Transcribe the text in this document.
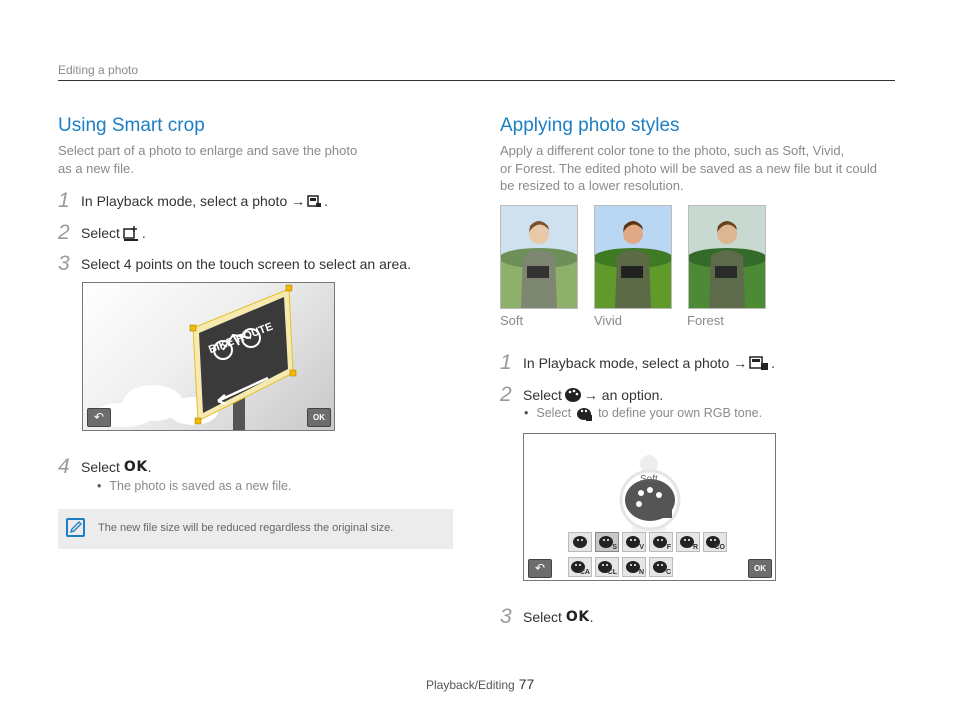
Editing a photo
Using Smart crop
Select part of a photo to enlarge and save the photo
as a new file.
1 In Playback mode, select a photo → .
2 Select .
3 Select 4 points on the touch screen to select an area.
BIKE ROUTE
↶	OK
4 Select OK .
• The photo is saved as a new file.
The new file size will be reduced regardless the original size.
Applying photo styles
Apply a different color tone to the photo, such as Soft, Vivid,
or Forest. The edited photo will be saved as a new file but it could
be resized to a lower resolution.
Soft	Vivid	Forest
1 In Playback mode, select a photo → .
2 Select → an option.
• Select  to define your own RGB tone.
Soft
S	V	F	R CO
CA	CL	N	C
↶	OK
3 Select OK .
Playback/Editing 77
